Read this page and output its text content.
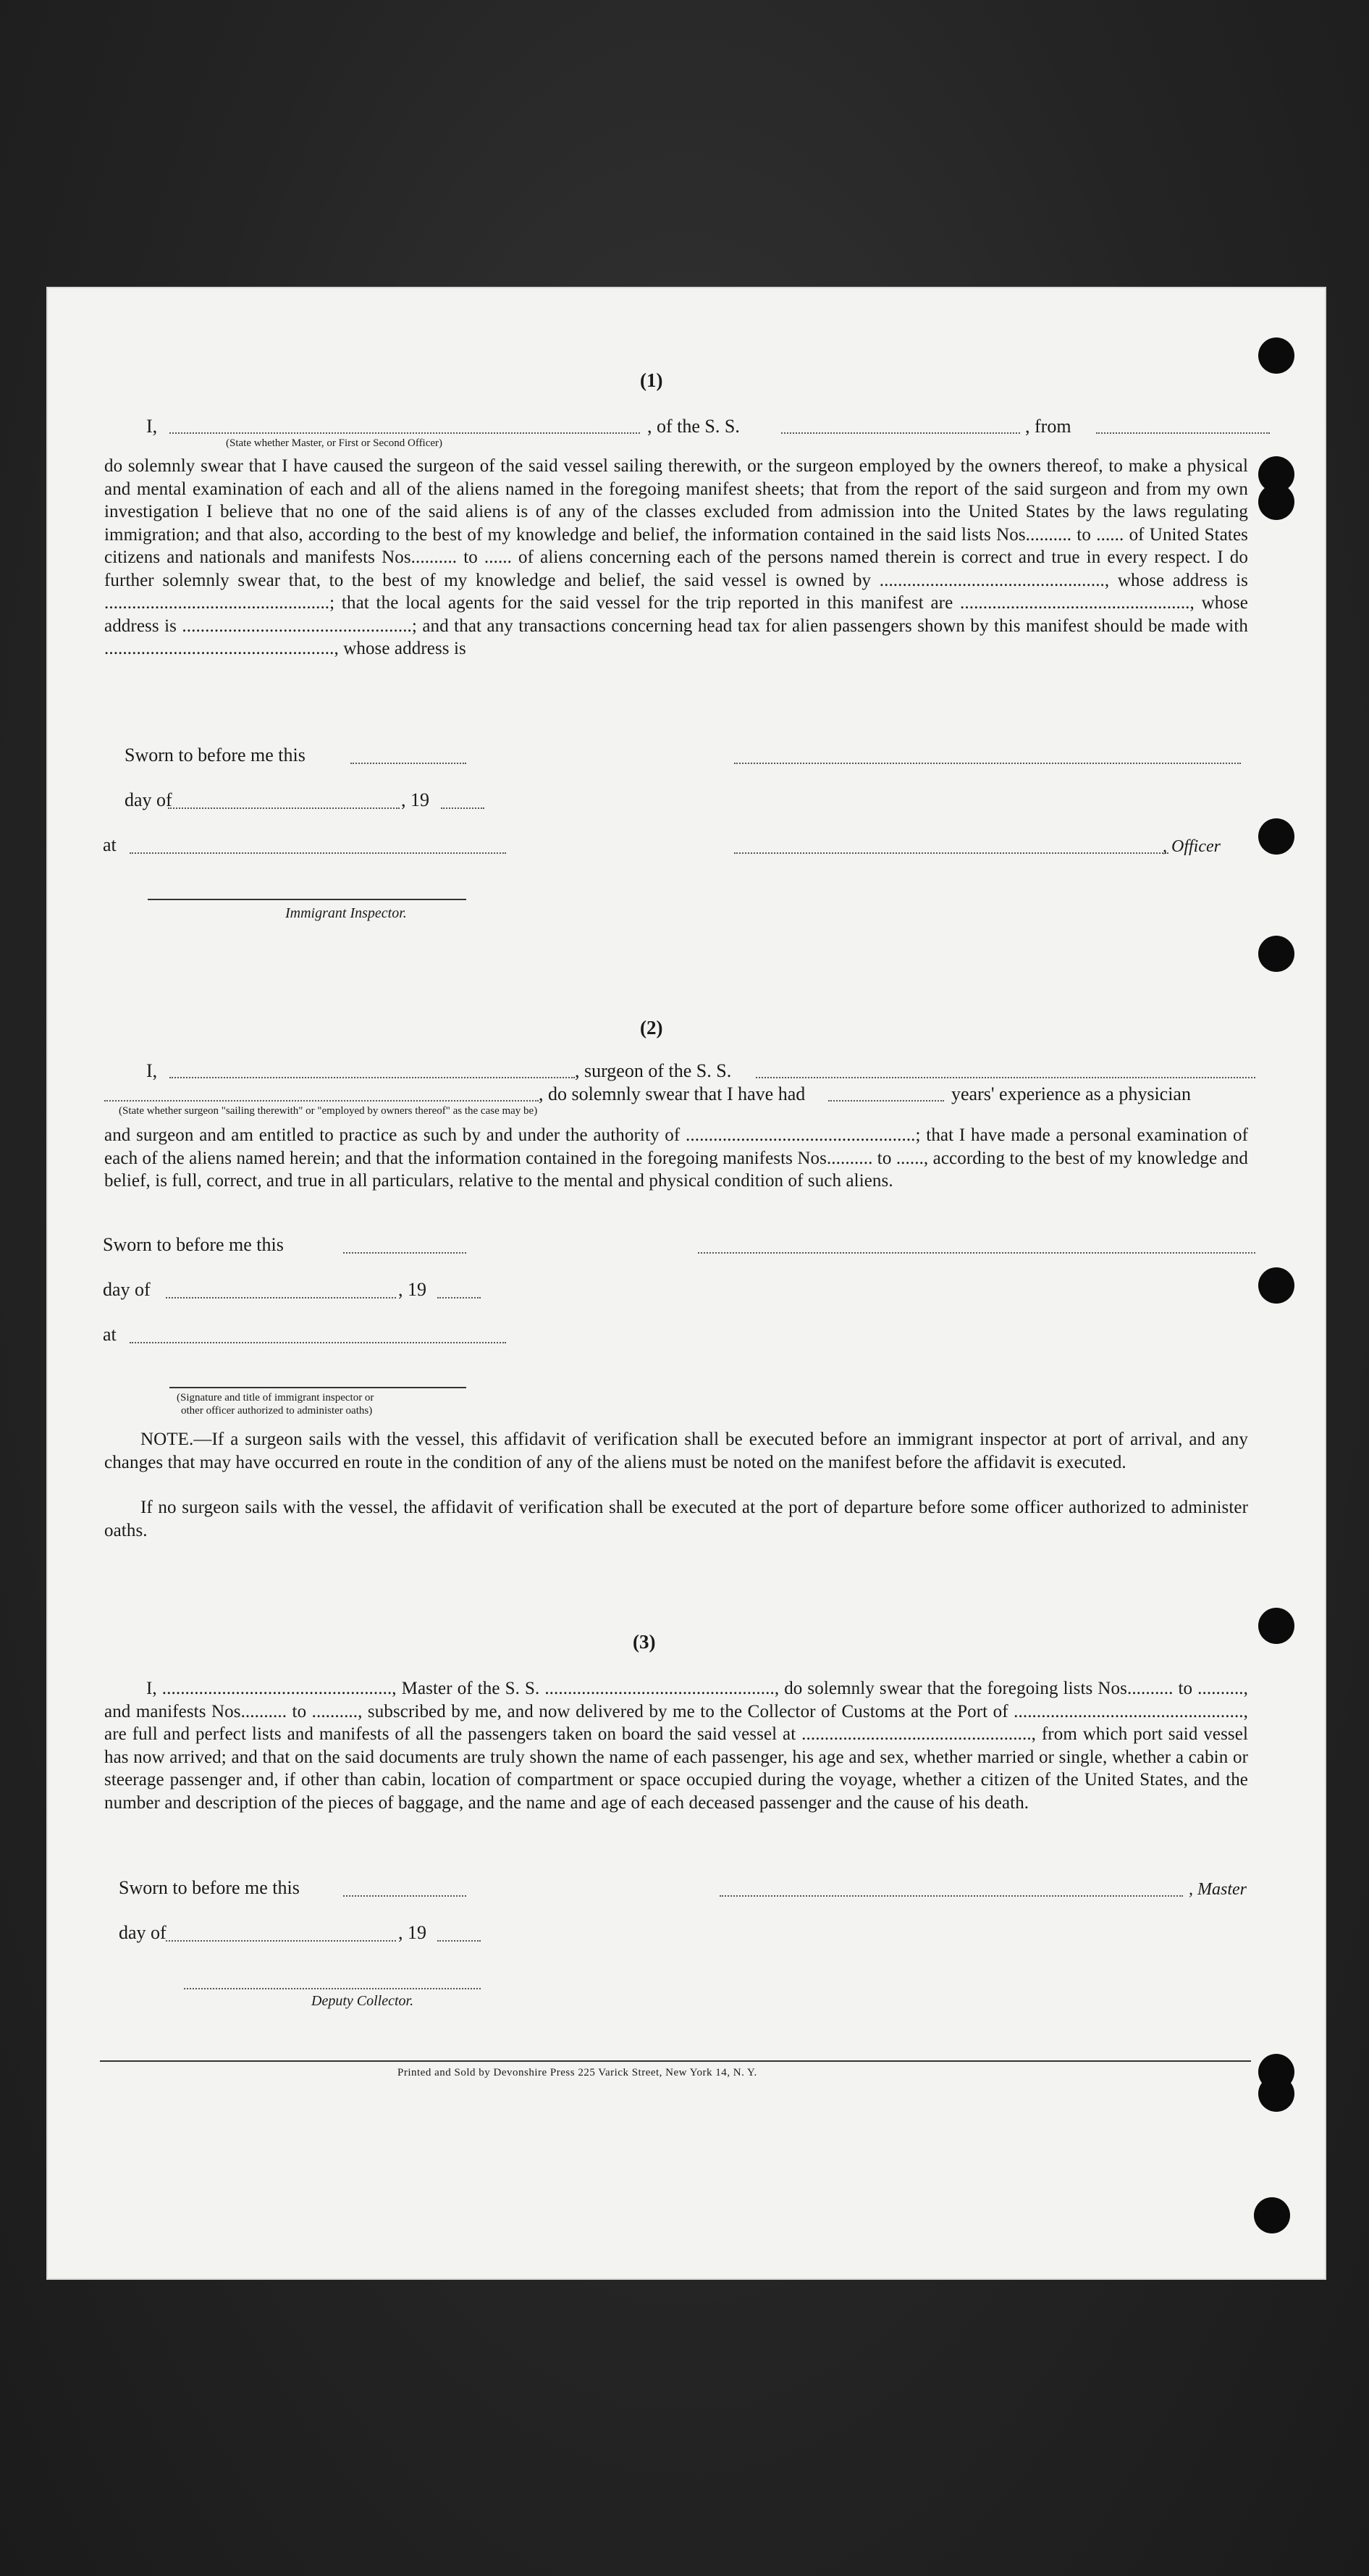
(1)
I,	, of the S. S.	, from
(State whether Master, or First or Second Officer)
do solemnly swear that I have caused the surgeon of the said vessel sailing therewith, or the surgeon employed by the owners thereof, to make a physical and mental examination of each and all of the aliens named in the foregoing manifest sheets; that from the report of the said surgeon and from my own investigation I believe that no one of the said aliens is of any of the classes excluded from admission into the United States by the laws regulating immigration; and that also, according to the best of my knowledge and belief, the information contained in the said lists Nos.......... to ...... of United States citizens and nationals and manifests Nos.......... to ...... of aliens concerning each of the persons named therein is correct and true in every respect. I do further solemnly swear that, to the best of my knowledge and belief, the said vessel is owned by ................................................., whose address is .................................................; that the local agents for the said vessel for the trip reported in this manifest are .................................................., whose address is ..................................................; and that any transactions concerning head tax for alien passengers shown by this manifest should be made with .................................................., whose address is
Sworn to before me this
day of	, 19
at	, Officer
Immigrant Inspector.
(2)
I,	, surgeon of the S. S.
, do solemnly swear that I have had	years' experience as a physician
(State whether surgeon "sailing therewith" or "employed by owners thereof" as the case may be)
and surgeon and am entitled to practice as such by and under the authority of ..................................................; that I have made a personal examination of each of the aliens named herein; and that the information contained in the foregoing manifests Nos.......... to ......, according to the best of my knowledge and belief, is full, correct, and true in all particulars, relative to the mental and physical condition of such aliens.
Sworn to before me this
day of	, 19
at
(Signature and title of immigrant inspector or
other officer authorized to administer oaths)
NOTE.—If a surgeon sails with the vessel, this affidavit of verification shall be executed before an immigrant inspector at port of arrival, and any changes that may have occurred en route in the condition of any of the aliens must be noted on the manifest before the affidavit is executed.
If no surgeon sails with the vessel, the affidavit of verification shall be executed at the port of departure before some officer authorized to administer oaths.
(3)
I, .................................................., Master of the S. S. .................................................., do solemnly swear that the foregoing lists Nos.......... to .........., and manifests Nos.......... to .........., subscribed by me, and now delivered by me to the Collector of Customs at the Port of .................................................., are full and perfect lists and manifests of all the passengers taken on board the said vessel at .................................................., from which port said vessel has now arrived; and that on the said documents are truly shown the name of each passenger, his age and sex, whether married or single, whether a cabin or steerage passenger and, if other than cabin, location of compartment or space occupied during the voyage, whether a citizen of the United States, and the number and description of the pieces of baggage, and the name and age of each deceased passenger and the cause of his death.
Sworn to before me this	, Master
day of	, 19
Deputy Collector.
Printed and Sold by Devonshire Press 225 Varick Street, New York 14, N. Y.
